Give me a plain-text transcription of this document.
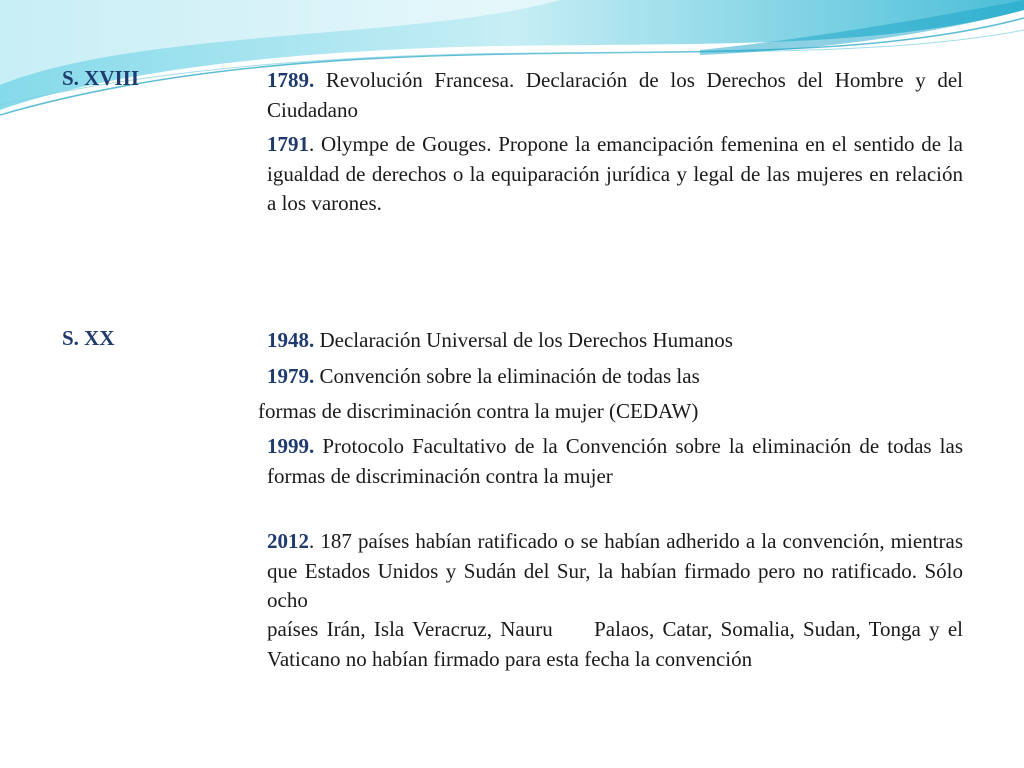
S. XVIII	1789. Revolución Francesa. Declaración de los Derechos del Hombre y del Ciudadano
1791. Olympe de Gouges. Propone la emancipación femenina en el sentido de la igualdad de derechos o la equiparación jurídica y legal de las mujeres en relación a los varones.
S. XX	1948. Declaración Universal de los Derechos Humanos
1979. Convención sobre la eliminación de todas las
formas de discriminación contra la mujer (CEDAW)
1999. Protocolo Facultativo de la Convención sobre la eliminación de todas las formas de discriminación contra la mujer
2012. 187 países habían ratificado o se habían adherido a la convención, mientras que Estados Unidos y Sudán del Sur, la habían firmado pero no ratificado. Sólo ocho
países Irán, Isla Veracruz, Nauru     Palaos, Catar, Somalia, Sudan, Tonga y el Vaticano no habían firmado para esta fecha la convención
